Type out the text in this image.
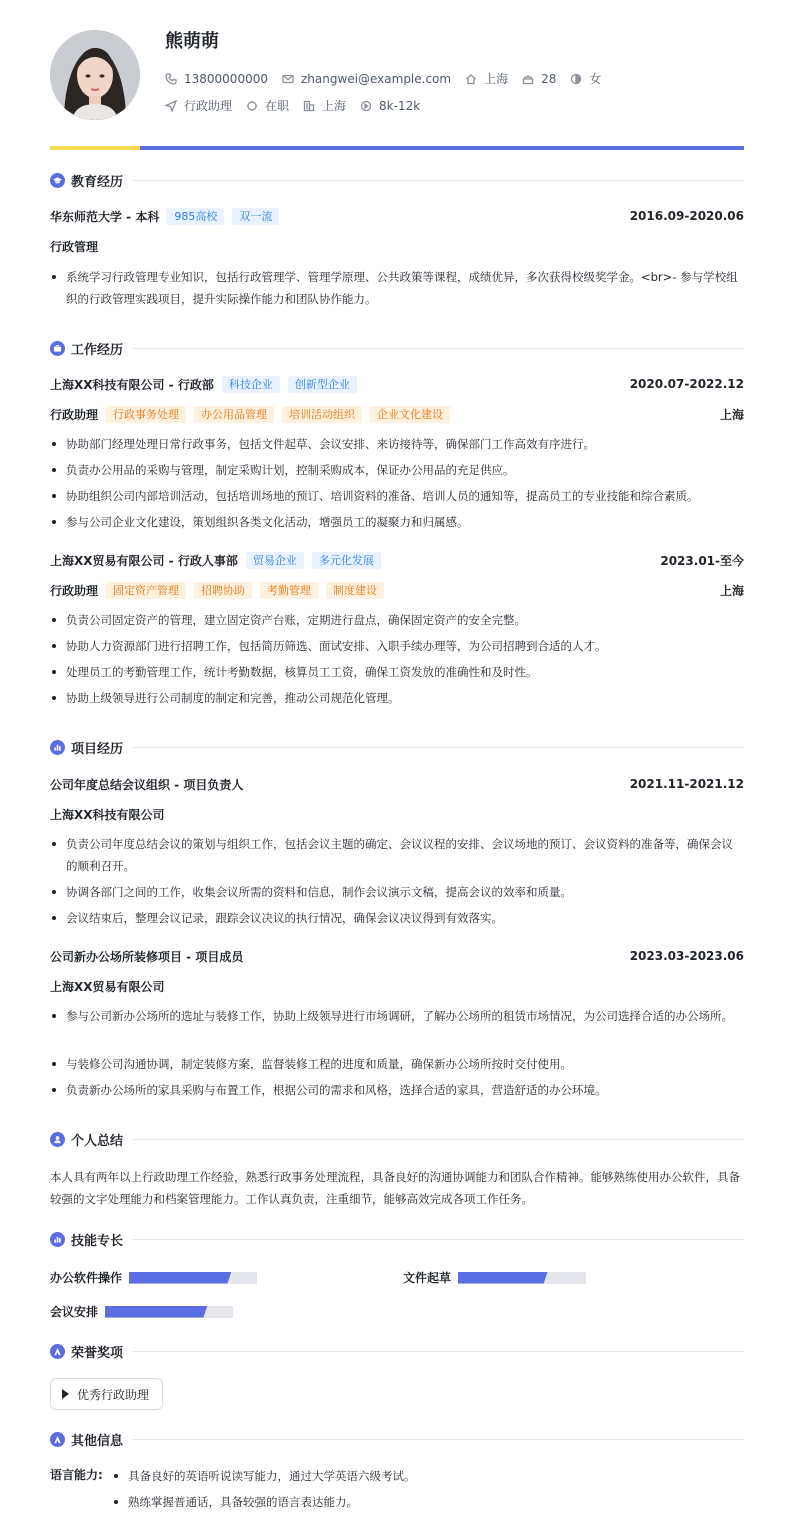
熊萌萌
13800000000	zhangwei@example.com	上海	28	女
行政助理	在职	上海	8k-12k
教育经历
华东师范大学 - 本科	985高校	双一流	2016.09-2020.06
行政管理
系统学习行政管理专业知识，包括行政管理学、管理学原理、公共政策等课程，成绩优异，多次获得校级奖学金。<br>- 参与学校组织的行政管理实践项目，提升实际操作能力和团队协作能力。
工作经历
上海XX科技有限公司 - 行政部	科技企业	创新型企业	2020.07-2022.12
行政助理	行政事务处理	办公用品管理	培训活动组织	企业文化建设	上海
协助部门经理处理日常行政事务，包括文件起草、会议安排、来访接待等，确保部门工作高效有序进行。
负责办公用品的采购与管理，制定采购计划，控制采购成本，保证办公用品的充足供应。
协助组织公司内部培训活动，包括培训场地的预订、培训资料的准备、培训人员的通知等，提高员工的专业技能和综合素质。
参与公司企业文化建设，策划组织各类文化活动，增强员工的凝聚力和归属感。
上海XX贸易有限公司 - 行政人事部	贸易企业	多元化发展	2023.01-至今
行政助理	固定资产管理	招聘协助	考勤管理	制度建设	上海
负责公司固定资产的管理，建立固定资产台账，定期进行盘点，确保固定资产的安全完整。
协助人力资源部门进行招聘工作，包括简历筛选、面试安排、入职手续办理等，为公司招聘到合适的人才。
处理员工的考勤管理工作，统计考勤数据，核算员工工资，确保工资发放的准确性和及时性。
协助上级领导进行公司制度的制定和完善，推动公司规范化管理。
项目经历
公司年度总结会议组织 - 项目负责人	2021.11-2021.12
上海XX科技有限公司
负责公司年度总结会议的策划与组织工作，包括会议主题的确定、会议议程的安排、会议场地的预订、会议资料的准备等，确保会议的顺利召开。
协调各部门之间的工作，收集会议所需的资料和信息，制作会议演示文稿，提高会议的效率和质量。
会议结束后，整理会议记录，跟踪会议决议的执行情况，确保会议决议得到有效落实。
公司新办公场所装修项目 - 项目成员	2023.03-2023.06
上海XX贸易有限公司
参与公司新办公场所的选址与装修工作，协助上级领导进行市场调研，了解办公场所的租赁市场情况，为公司选择合适的办公场所。
与装修公司沟通协调，制定装修方案，监督装修工程的进度和质量，确保新办公场所按时交付使用。
负责新办公场所的家具采购与布置工作，根据公司的需求和风格，选择合适的家具，营造舒适的办公环境。
个人总结
本人具有两年以上行政助理工作经验，熟悉行政事务处理流程，具备良好的沟通协调能力和团队合作精神。能够熟练使用办公软件，具备较强的文字处理能力和档案管理能力。工作认真负责，注重细节，能够高效完成各项工作任务。
技能专长
办公软件操作	文件起草
会议安排
荣誉奖项
优秀行政助理
其他信息
语言能力:	具备良好的英语听说读写能力，通过大学英语六级考试。
熟练掌握普通话，具备较强的语言表达能力。
